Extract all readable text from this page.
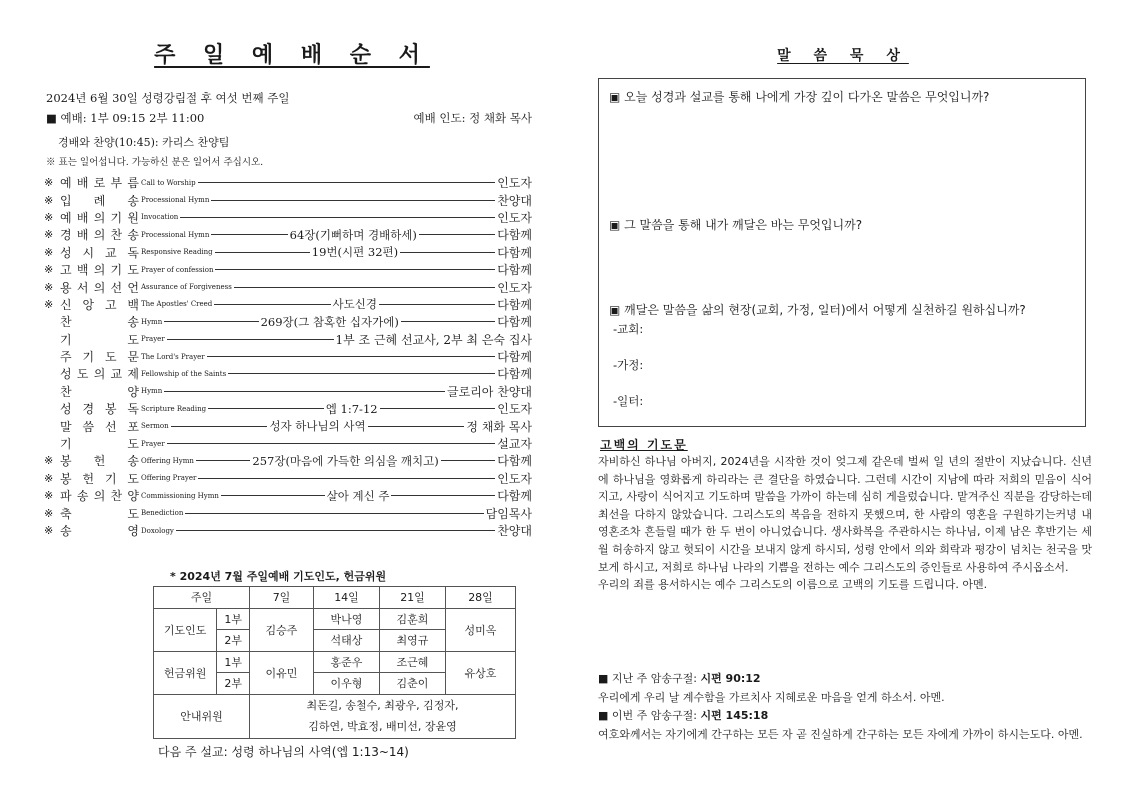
주 일 예 배 순 서
2024년 6월 30일 성령강림절 후 여섯 번째 주일
■ 예배: 1부 09:15 2부 11:00	예배 인도: 정 채화 목사
경배와 찬양(10:45): 카리스 찬양팀
※ 표는 일어섭니다. 가능하신 분은 일어서 주십시오.
※ 예 배 로 부 름 Call to Worship	인도자
※ 입 례 송 Processional Hymn	찬양대
※ 예 배 의 기 원 Invocation	인도자
※ 경 배 의 찬 송 Processional Hymn	64장(기뻐하며 경배하세)	다함께
※ 성 시 교 독 Responsive Reading	19번(시편 32편)	다함께
※ 고 백 의 기 도 Prayer of confession	다함께
※ 용 서 의 선 언 Assurance of Forgiveness	인도자
※ 신 앙 고 백 The Apostles' Creed	사도신경	다함께
찬	송 Hymn	269장(그 참혹한 십자가에)	다함께
기	도 Prayer	1부 조 근혜 선교사, 2부 최 은숙 집사
주 기 도 문 The Lord's Prayer	다함께
성 도 의 교 제 Fellowship of the Saints	다함께
찬	양 Hymn	글로리아 찬양대
성 경 봉 독 Scripture Reading	엡 1:7-12	인도자
말 씀 선 포 Sermon	성자 하나님의 사역	정 채화 목사
기	도 Prayer	설교자
※ 봉 헌 송 Offering Hymn	257장(마음에 가득한 의심을 깨치고)	다함께
※ 봉 헌 기 도 Offering Prayer	인도자
※ 파 송 의 찬 양 Commissioning Hymn	살아 계신 주	다함께
※ 축	도 Benediction	담임목사
※ 송	영 Doxology	찬양대
* 2024년 7월 주일예배 기도인도, 헌금위원
주일		7일	14일	21일	28일
기도인도	1부	김승주	박나영	김훈희	성미옥
	2부		석태상	최영규	
헌금위원	1부	이유민	홍준우	조근혜	유상호
	2부		이우형	김춘이	
안내위원		최돈길, 송철수, 최광우, 김정자,
김하연, 박효정, 배미선, 장윤영			
다음 주 설교: 성령 하나님의 사역(엡 1:13~14)
말 씀 묵 상
▣ 오늘 성경과 설교를 통해 나에게 가장 깊이 다가온 말씀은 무엇입니까?
▣ 그 말씀을 통해 내가 깨달은 바는 무엇입니까?
▣ 깨달은 말씀을 삶의 현장(교회, 가정, 일터)에서 어떻게 실천하길 원하십니까?
-교회:
-가정:
-일터:
고백의 기도문
자비하신 하나님 아버지, 2024년을 시작한 것이 엊그제 같은데 벌써 일 년의 절반이 지났습니다. 신년에 하나님을 영화롭게 하리라는 큰 결단을 하였습니다. 그런데 시간이 지남에 따라 저희의 믿음이 식어지고, 사랑이 식어지고 기도하며 말씀을 가까이 하는데 심히 게을렀습니다. 맡겨주신 직분을 감당하는데 최선을 다하지 않았습니다. 그리스도의 복음을 전하지 못했으며, 한 사람의 영혼을 구원하기는커녕 내 영혼조차 흔들릴 때가 한 두 번이 아니었습니다. 생사화복을 주관하시는 하나님, 이제 남은 후반기는 세월 허송하지 않고 헛되이 시간을 보내지 않게 하시되, 성령 안에서 의와 희락과 평강이 넘치는 천국을 맛보게 하시고, 저희로 하나님 나라의 기쁨을 전하는 예수 그리스도의 증인들로 사용하여 주시옵소서.
우리의 죄를 용서하시는 예수 그리스도의 이름으로 고백의 기도를 드립니다. 아멘.
■ 지난 주 암송구절: 시편 90:12
우리에게 우리 날 계수함을 가르치사 지혜로운 마음을 얻게 하소서. 아멘.
■ 이번 주 암송구절: 시편 145:18
여호와께서는 자기에게 간구하는 모든 자 곧 진실하게 간구하는 모든 자에게 가까이 하시는도다. 아멘.
